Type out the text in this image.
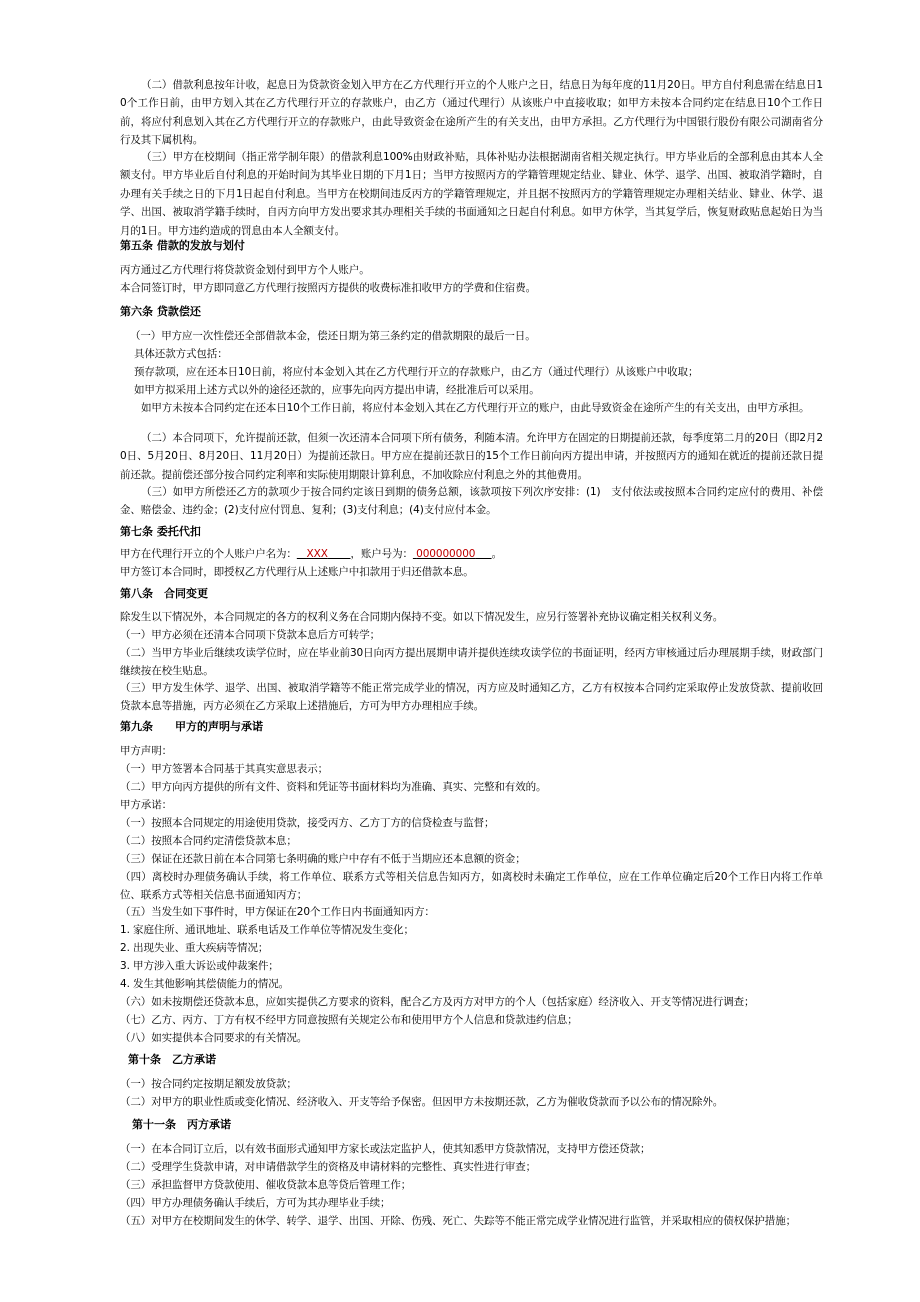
（二）借款利息按年计收，起息日为贷款资金划入甲方在乙方代理行开立的个人账户之日，结息日为每年度的11月20日。甲方自付利息需在结息日10个工作日前，由甲方划入其在乙方代理行开立的存款账户，由乙方（通过代理行）从该账户中直接收取；如甲方未按本合同约定在结息日10个工作日前，将应付利息划入其在乙方代理行开立的存款账户，由此导致资金在途所产生的有关支出，由甲方承担。乙方代理行为中国银行股份有限公司湖南省分行及其下属机构。

（三）甲方在校期间（指正常学制年限）的借款利息100%由财政补贴，具体补贴办法根据湖南省相关规定执行。甲方毕业后的全部利息由其本人全额支付。甲方毕业后自付利息的开始时间为其毕业日期的下月1日；当甲方按照丙方的学籍管理规定结业、肄业、休学、退学、出国、被取消学籍时，自办理有关手续之日的下月1日起自付利息。当甲方在校期间违反丙方的学籍管理规定，并且据不按照丙方的学籍管理规定办理相关结业、肄业、休学、退学、出国、被取消学籍手续时，自丙方向甲方发出要求其办理相关手续的书面通知之日起自付利息。如甲方休学，当其复学后，恢复财政贴息起始日为当月的1日。甲方违约造成的罚息由本人全额支付。

第五条 借款的发放与划付

丙方通过乙方代理行将贷款资金划付到甲方个人账户。

本合同签订时，甲方即同意乙方代理行按照丙方提供的收费标准扣收甲方的学费和住宿费。

第六条 贷款偿还

（一）甲方应一次性偿还全部借款本金，偿还日期为第三条约定的借款期限的最后一日。

具体还款方式包括：

预存款项，应在还本日10日前，将应付本金划入其在乙方代理行开立的存款账户，由乙方（通过代理行）从该账户中收取；

如甲方拟采用上述方式以外的途径还款的，应事先向丙方提出申请，经批准后可以采用。

如甲方未按本合同约定在还本日10个工作日前，将应付本金划入其在乙方代理行开立的账户，由此导致资金在途所产生的有关支出，由甲方承担。

（二）本合同项下，允许提前还款，但须一次还清本合同项下所有债务，利随本清。允许甲方在固定的日期提前还款，每季度第二月的20日（即2月20日、5月20日、8月20日、11月20日）为提前还款日。甲方应在提前还款日的15个工作日前向丙方提出申请，并按照丙方的通知在就近的提前还款日提前还款。提前偿还部分按合同约定利率和实际使用期限计算利息，不加收除应付利息之外的其他费用。

（三）如甲方所偿还乙方的款项少于按合同约定该日到期的债务总额，该款项按下列次序安排：(1)　支付依法或按照本合同约定应付的费用、补偿金、赔偿金、违约金；(2)支付应付罚息、复利；(3)支付利息；(4)支付应付本金。

第七条 委托代扣

甲方在代理行开立的个人账户户名为： XXX ，账户号为： 000000000 。

甲方签订本合同时，即授权乙方代理行从上述账户中扣款用于归还借款本息。

第八条　合同变更

除发生以下情况外，本合同规定的各方的权利义务在合同期内保持不变。如以下情况发生，应另行签署补充协议确定相关权利义务。

（一）甲方必须在还清本合同项下贷款本息后方可转学；

（二）当甲方毕业后继续攻读学位时，应在毕业前30日向丙方提出展期申请并提供连续攻读学位的书面证明，经丙方审核通过后办理展期手续，财政部门继续按在校生贴息。

（三）甲方发生休学、退学、出国、被取消学籍等不能正常完成学业的情况，丙方应及时通知乙方，乙方有权按本合同约定采取停止发放贷款、提前收回贷款本息等措施，丙方必须在乙方采取上述措施后，方可为甲方办理相应手续。

第九条　　甲方的声明与承诺

甲方声明：

（一）甲方签署本合同基于其真实意思表示；

（二）甲方向丙方提供的所有文件、资料和凭证等书面材料均为准确、真实、完整和有效的。

甲方承诺：

（一）按照本合同规定的用途使用贷款，接受丙方、乙方丁方的信贷检查与监督；

（二）按照本合同约定清偿贷款本息；

（三）保证在还款日前在本合同第七条明确的账户中存有不低于当期应还本息额的资金；

（四）离校时办理债务确认手续，将工作单位、联系方式等相关信息告知丙方，如离校时未确定工作单位，应在工作单位确定后20个工作日内将工作单位、联系方式等相关信息书面通知丙方；

（五）当发生如下事件时，甲方保证在20个工作日内书面通知丙方：

1. 家庭住所、通讯地址、联系电话及工作单位等情况发生变化；

2. 出现失业、重大疾病等情况；

3. 甲方涉入重大诉讼或仲裁案件；

4. 发生其他影响其偿债能力的情况。

（六）如未按期偿还贷款本息，应如实提供乙方要求的资料，配合乙方及丙方对甲方的个人（包括家庭）经济收入、开支等情况进行调查；

（七）乙方、丙方、丁方有权不经甲方同意按照有关规定公布和使用甲方个人信息和贷款违约信息；

（八）如实提供本合同要求的有关情况。

第十条　乙方承诺

（一）按合同约定按期足额发放贷款；

（二）对甲方的职业性质或变化情况、经济收入、开支等给予保密。但因甲方未按期还款，乙方为催收贷款而予以公布的情况除外。

第十一条　丙方承诺

（一）在本合同订立后，以有效书面形式通知甲方家长或法定监护人，使其知悉甲方贷款情况，支持甲方偿还贷款；

（二）受理学生贷款申请，对申请借款学生的资格及申请材料的完整性、真实性进行审查；

（三）承担监督甲方贷款使用、催收贷款本息等贷后管理工作；

（四）甲方办理债务确认手续后，方可为其办理毕业手续；

（五）对甲方在校期间发生的休学、转学、退学、出国、开除、伤残、死亡、失踪等不能正常完成学业情况进行监管，并采取相应的债权保护措施；
